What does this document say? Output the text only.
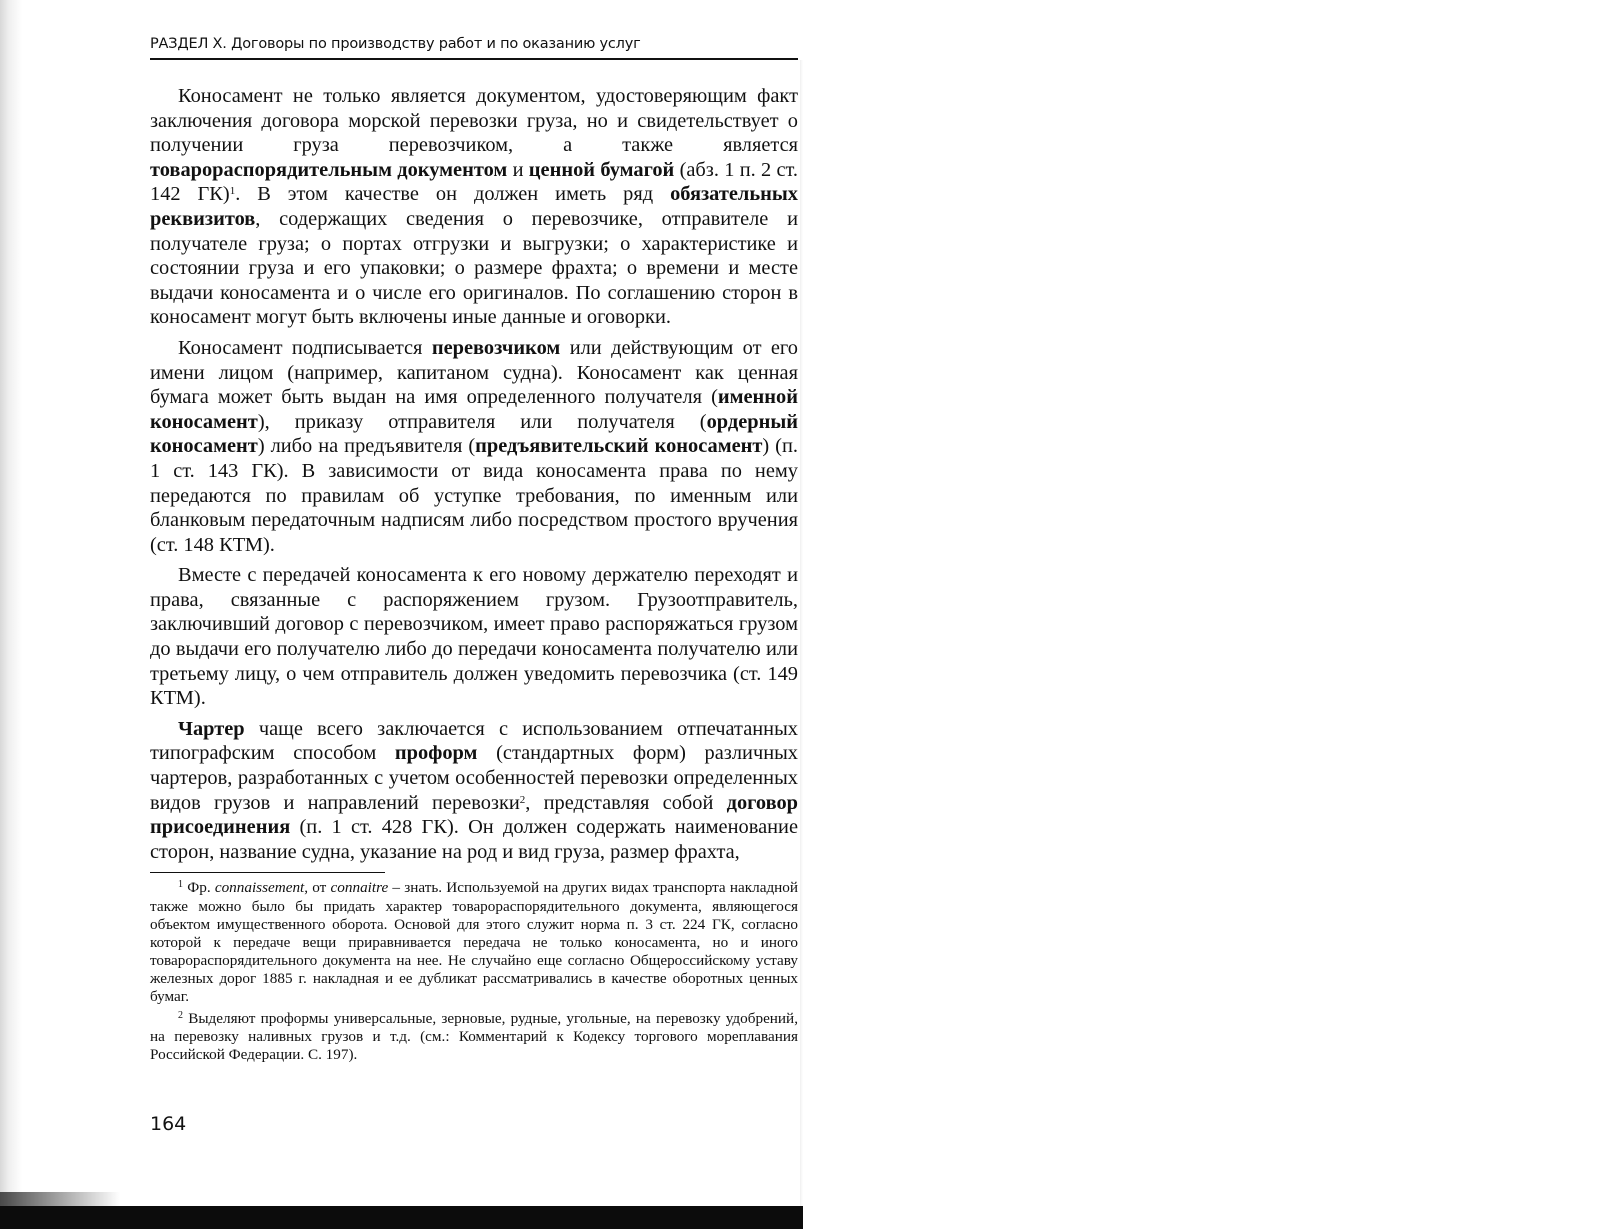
РАЗДЕЛ X. Договоры по производству работ и по оказанию услуг

Коносамент не только является документом, удостоверяющим факт заключения договора морской перевозки груза, но и свидетельствует о получении груза перевозчиком, а также является товарораспорядительным документом и ценной бумагой (абз. 1 п. 2 ст. 142 ГК)$^1$. В этом качестве он должен иметь ряд обязательных реквизитов, содержащих сведения о перевозчике, отправителе и получателе груза; о портах отгрузки и выгрузки; о характеристике и состоянии груза и его упаковки; о размере фрахта; о времени и месте выдачи коносамента и о числе его оригиналов. По соглашению сторон в коносамент могут быть включены иные данные и оговорки.

Коносамент подписывается перевозчиком или действующим от его имени лицом (например, капитаном судна). Коносамент как ценная бумага может быть выдан на имя определенного получателя (именной коносамент), приказу отправителя или получателя (ордерный коносамент) либо на предъявителя (предъявительский коносамент) (п. 1 ст. 143 ГК). В зависимости от вида коносамента права по нему передаются по правилам об уступке требования, по именным или бланковым передаточным надписям либо посредством простого вручения (ст. 148 КТМ).

Вместе с передачей коносамента к его новому держателю переходят и права, связанные с распоряжением грузом. Грузоотправитель, заключивший договор с перевозчиком, имеет право распоряжаться грузом до выдачи его получателю либо до передачи коносамента получателю или третьему лицу, о чем отправитель должен уведомить перевозчика (ст. 149 КТМ).

Чартер чаще всего заключается с использованием отпечатанных типографским способом проформ (стандартных форм) различных чартеров, разработанных с учетом особенностей перевозки определенных видов грузов и направлений перевозки$^2$, представляя собой договор присоединения (п. 1 ст. 428 ГК). Он должен содержать наименование сторон, название судна, указание на род и вид груза, размер фрахта,

$^1$ Фр. connaissement, от connaitre – знать. Используемой на других видах транспорта накладной также можно было бы придать характер товарораспорядительного документа, являющегося объектом имущественного оборота. Основой для этого служит норма п. 3 ст. 224 ГК, согласно которой к передаче вещи приравнивается передача не только коносамента, но и иного товарораспорядительного документа на нее. Не случайно еще согласно Общероссийскому уставу железных дорог 1885 г. накладная и ее дубликат рассматривались в качестве оборотных ценных бумаг.

$^2$ Выделяют проформы универсальные, зерновые, рудные, угольные, на перевозку удобрений, на перевозку наливных грузов и т.д. (см.: Комментарий к Кодексу торгового мореплавания Российской Федерации. С. 197).

164
